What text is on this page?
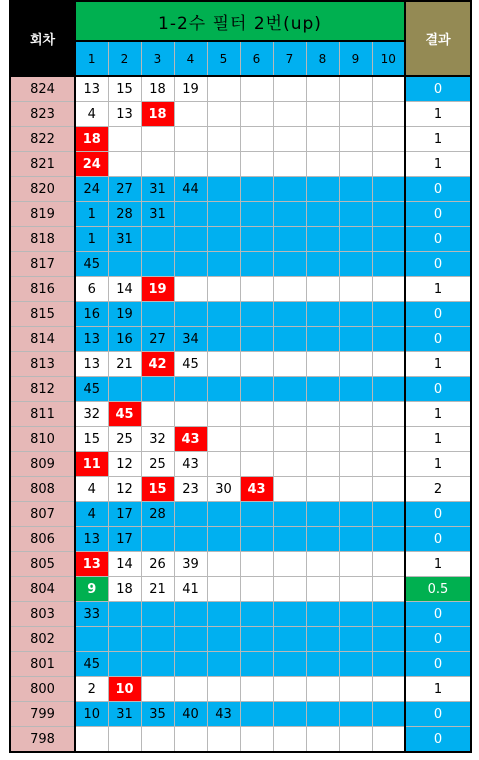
회차	1-2수 필터 2번(up)										결과
	1	2	3	4	5	6	7	8	9	10	
824	13	15	18	19							0
823	4	13	18								1
822	18										1
821	24										1
820	24	27	31	44							0
819	1	28	31								0
818	1	31									0
817	45										0
816	6	14	19								1
815	16	19									0
814	13	16	27	34							0
813	13	21	42	45							1
812	45										0
811	32	45									1
810	15	25	32	43							1
809	11	12	25	43							1
808	4	12	15	23	30	43					2
807	4	17	28								0
806	13	17									0
805	13	14	26	39							1
804	9	18	21	41							0.5
803	33										0
802											0
801	45										0
800	2	10									1
799	10	31	35	40	43						0
798											0
